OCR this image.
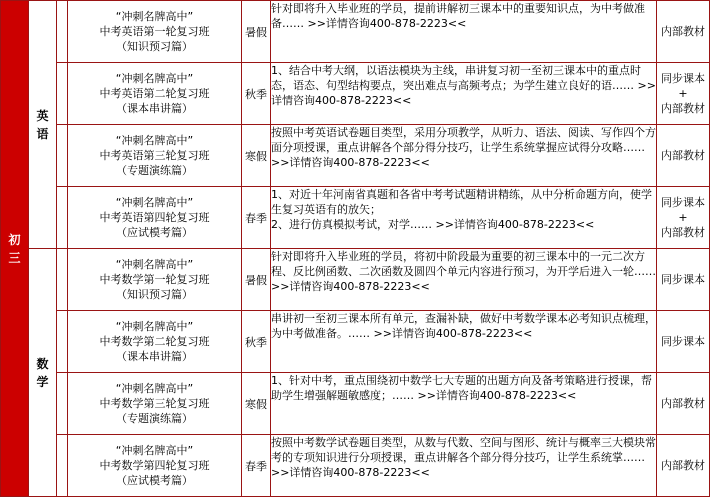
初
三	英
语		“冲刺名牌高中”
中考英语第一轮复习班
（知识预习篇）	暑假	针对即将升入毕业班的学员，提前讲解初三课本中的重要知识点，为中考做准备…… >>详情咨询400-878-2223<<	内部教材

			“冲刺名牌高中”
中考英语第二轮复习班
（课本串讲篇）	秋季	1、结合中考大纲，以语法模块为主线，串讲复习初一至初三课本中的重点时态，语态、句型结构要点，突出难点与高频考点；为学生建立良好的语…… >>详情咨询400-878-2223<<	同步课本
+
内部教材

			“冲刺名牌高中”
中考英语第三轮复习班
（专题演练篇）	寒假	按照中考英语试卷题目类型，采用分项教学，从听力、语法、阅读、写作四个方面分项授课，重点讲解各个部分得分技巧，让学生系统掌握应试得分攻略…… >>详情咨询400-878-2223<<	内部教材

			“冲刺名牌高中”
中考英语第四轮复习班
（应试模考篇）	春季	1、对近十年河南省真题和各省中考考试题精讲精练，从中分析命题方向，使学生复习英语有的放矢；
2、进行仿真模拟考试，对学…… >>详情咨询400-878-2223<<	同步课本
+
内部教材

	数
学		“冲刺名牌高中”
中考数学第一轮复习班
（知识预习篇）	暑假	针对即将升入毕业班的学员，将初中阶段最为重要的初三课本中的一元二次方程、反比例函数、二次函数及圆四个单元内容进行预习，为开学后进入一轮…… >>详情咨询400-878-2223<<	同步课本

			“冲刺名牌高中”
中考数学第二轮复习班
（课本串讲篇）	秋季	串讲初一至初三课本所有单元，查漏补缺，做好中考数学课本必考知识点梳理，为中考做准备。…… >>详情咨询400-878-2223<<	同步课本

			“冲刺名牌高中”
中考数学第三轮复习班
（专题演练篇）	寒假	1、针对中考，重点围绕初中数学七大专题的出题方向及备考策略进行授课，帮助学生增强解题敏感度；…… >>详情咨询400-878-2223<<	内部教材

			“冲刺名牌高中”
中考数学第四轮复习班
（应试模考篇）	春季	按照中考数学试卷题目类型，从数与代数、空间与图形、统计与概率三大模块常考的专项知识进行分项授课，重点讲解各个部分得分技巧，让学生系统掌…… >>详情咨询400-878-2223<<	内部教材
